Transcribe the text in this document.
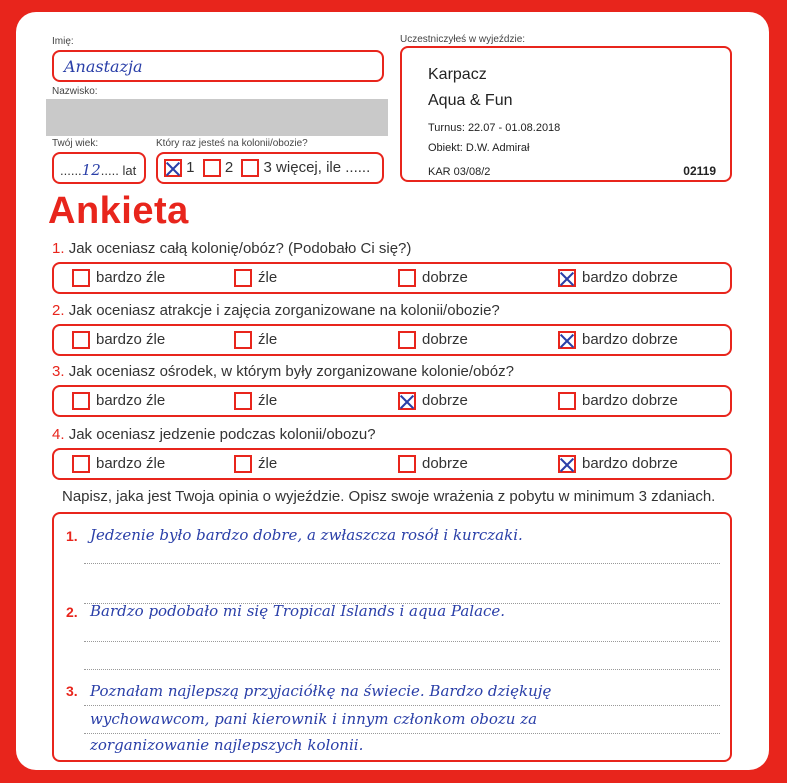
Imię:
Anastazja
Nazwisko:
Twój wiek:
......12..... lat
Który raz jesteś na kolonii/obozie?
1 2 3 więcej, ile ......
Uczestniczyłeś w wyjeździe:
Karpacz
Aqua & Fun
Turnus: 22.07 - 01.08.2018
Obiekt: D.W. Admirał
KAR 03/08/2	02119
Ankieta
1. Jak oceniasz całą kolonię/obóz? (Podobało Ci się?)
bardzo źle	źle	dobrze	bardzo dobrze
2. Jak oceniasz atrakcje i zajęcia zorganizowane na kolonii/obozie?
bardzo źle	źle	dobrze	bardzo dobrze
3. Jak oceniasz ośrodek, w którym były zorganizowane kolonie/obóz?
bardzo źle	źle	dobrze	bardzo dobrze
4. Jak oceniasz jedzenie podczas kolonii/obozu?
bardzo źle	źle	dobrze	bardzo dobrze
Napisz, jaka jest Twoja opinia o wyjeździe. Opisz swoje wrażenia z pobytu w minimum 3 zdaniach.
1. Jedzenie było bardzo dobre, a zwłaszcza rosół i kurczaki.
2. Bardzo podobało mi się Tropical Islands i aqua Palace.
3. Poznałam najlepszą przyjaciółkę na świecie. Bardzo dziękuję
wychowawcom, pani kierownik i innym członkom obozu za
zorganizowanie najlepszych kolonii.
